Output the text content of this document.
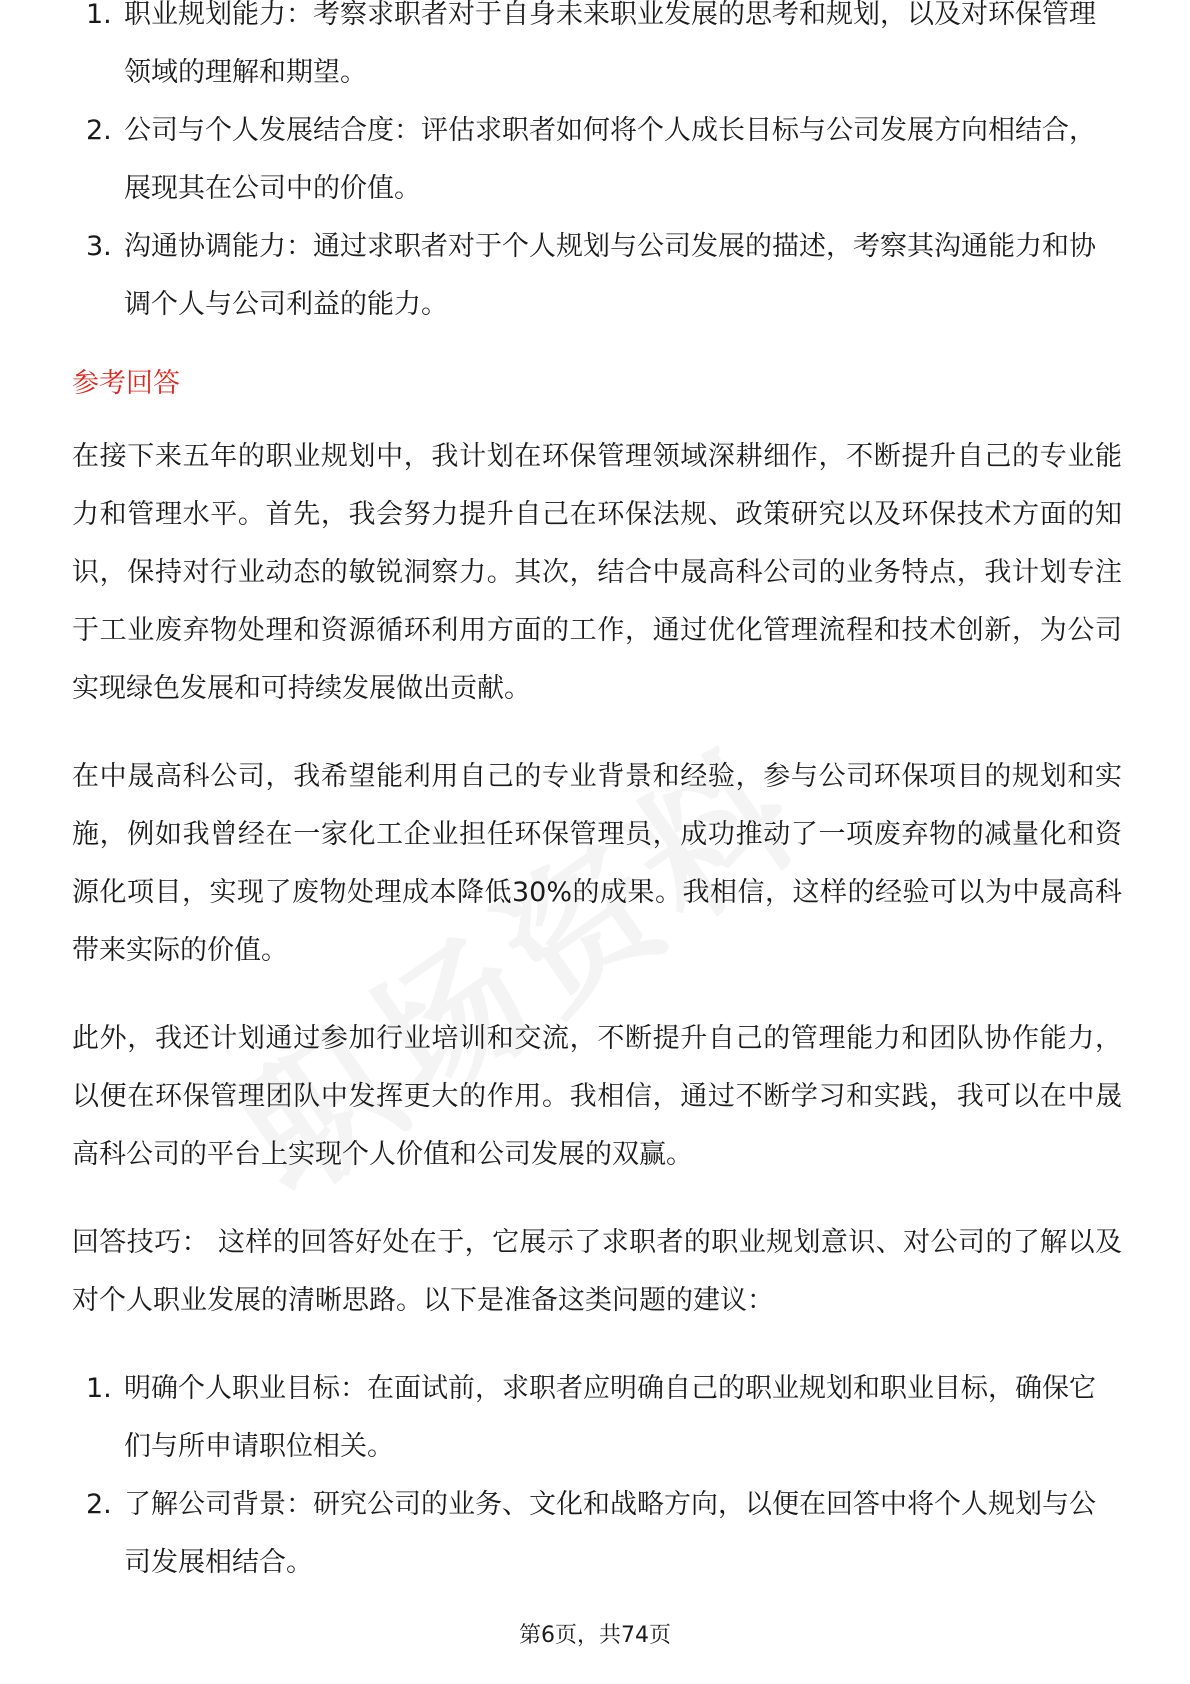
1. 职业规划能力：考察求职者对于自身未来职业发展的思考和规划，以及对环保管理领域的理解和期望。
2. 公司与个人发展结合度：评估求职者如何将个人成长目标与公司发展方向相结合，展现其在公司中的价值。
3. 沟通协调能力：通过求职者对于个人规划与公司发展的描述，考察其沟通能力和协调个人与公司利益的能力。
参考回答

在接下来五年的职业规划中，我计划在环保管理领域深耕细作，不断提升自己的专业能力和管理水平。首先，我会努力提升自己在环保法规、政策研究以及环保技术方面的知识，保持对行业动态的敏锐洞察力。其次，结合中晟高科公司的业务特点，我计划专注于工业废弃物处理和资源循环利用方面的工作，通过优化管理流程和技术创新，为公司实现绿色发展和可持续发展做出贡献。

在中晟高科公司，我希望能利用自己的专业背景和经验，参与公司环保项目的规划和实施，例如我曾经在一家化工企业担任环保管理员，成功推动了一项废弃物的减量化和资源化项目，实现了废物处理成本降低30%的成果。我相信，这样的经验可以为中晟高科带来实际的价值。

此外，我还计划通过参加行业培训和交流，不断提升自己的管理能力和团队协作能力，以便在环保管理团队中发挥更大的作用。我相信，通过不断学习和实践，我可以在中晟高科公司的平台上实现个人价值和公司发展的双赢。

回答技巧： 这样的回答好处在于，它展示了求职者的职业规划意识、对公司的了解以及对个人职业发展的清晰思路。以下是准备这类问题的建议：

1. 明确个人职业目标：在面试前，求职者应明确自己的职业规划和职业目标，确保它们与所申请职位相关。
2. 了解公司背景：研究公司的业务、文化和战略方向，以便在回答中将个人规划与公司发展相结合。
第6页，共74页
